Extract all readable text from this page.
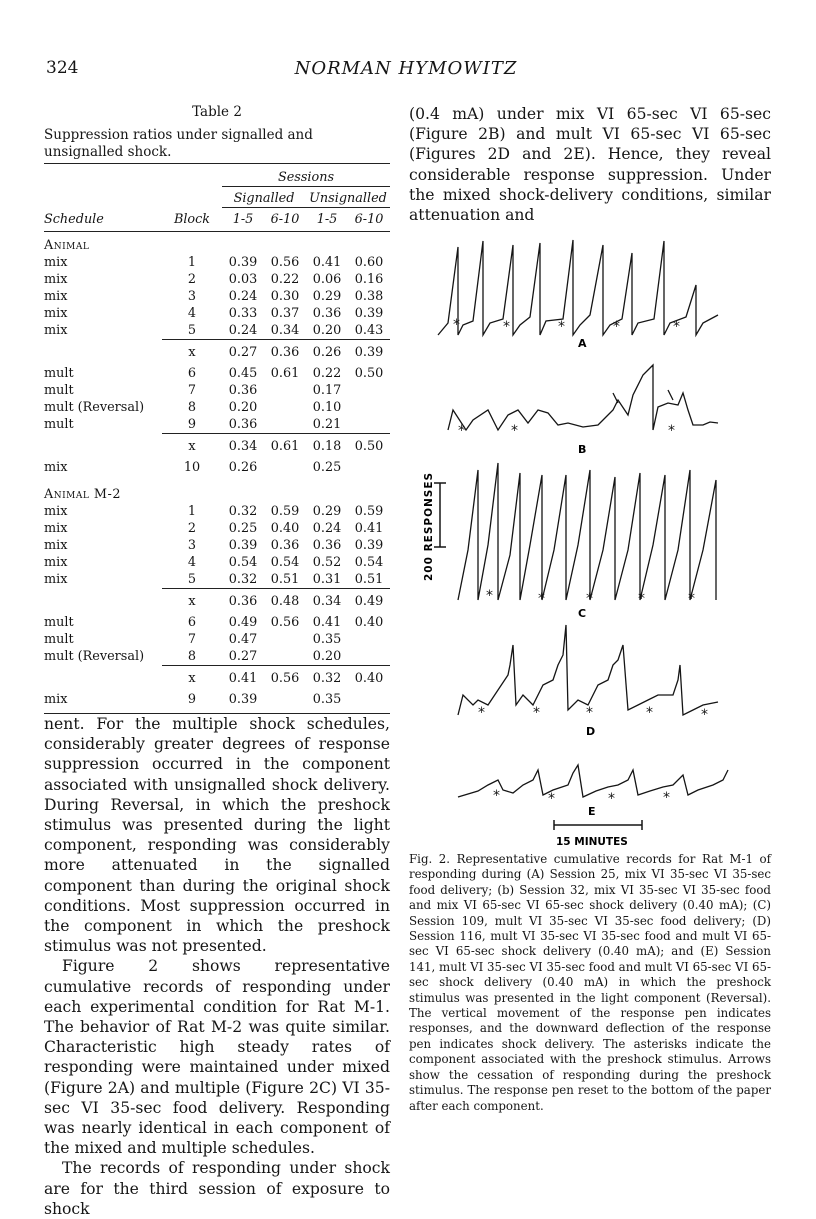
324	NORMAN HYMOWITZ
Table 2
Suppression ratios under signalled and unsignalled shock.
		Sessions			
		Signalled		Unsignalled	
Schedule	Block	1-5	6-10	1-5	6-10
Animal					
mix	1	0.39	0.56	0.41	0.60
mix	2	0.03	0.22	0.06	0.16
mix	3	0.24	0.30	0.29	0.38
mix	4	0.33	0.37	0.36	0.39
mix	5	0.24	0.34	0.20	0.43
	x	0.27	0.36	0.26	0.39
mult	6	0.45	0.61	0.22	0.50
mult	7	0.36		0.17	
mult (Reversal)	8	0.20		0.10	
mult	9	0.36		0.21	
	x	0.34	0.61	0.18	0.50
mix	10	0.26		0.25	
Animal M-2					
mix	1	0.32	0.59	0.29	0.59
mix	2	0.25	0.40	0.24	0.41
mix	3	0.39	0.36	0.36	0.39
mix	4	0.54	0.54	0.52	0.54
mix	5	0.32	0.51	0.31	0.51
	x	0.36	0.48	0.34	0.49
mult	6	0.49	0.56	0.41	0.40
mult	7	0.47		0.35	
mult (Reversal)	8	0.27		0.20	
	x	0.41	0.56	0.32	0.40
mix	9	0.39		0.35	

(0.4 mA) under mix VI 65-sec VI 65-sec (Figure 2B) and mult VI 65-sec VI 65-sec (Figures 2D and 2E). Hence, they reveal considerable response suppression. Under the mixed shock-delivery conditions, similar attenuation and

*	*	*	*	*
A
*	*	*
B
200 RESPONSES
*	*	*	*	*
C
*	*	*	*	*
D
*	*	*	*
E
15 MINUTES
Fig. 2. Representative cumulative records for Rat M-1 of responding during (A) Session 25, mix VI 35-sec VI 35-sec food delivery; (b) Session 32, mix VI 35-sec VI 35-sec food and mix VI 65-sec VI 65-sec shock delivery (0.40 mA); (C) Session 109, mult VI 35-sec VI 35-sec food delivery; (D) Session 116, mult VI 35-sec VI 35-sec food and mult VI 65-sec VI 65-sec shock delivery (0.40 mA); and (E) Session 141, mult VI 35-sec VI 35-sec food and mult VI 65-sec VI 65-sec shock delivery (0.40 mA) in which the preshock stimulus was presented in the light component (Reversal). The vertical movement of the response pen indicates responses, and the downward deflection of the response pen indicates shock delivery. The asterisks indicate the component associated with the preshock stimulus. Arrows show the cessation of responding during the preshock stimulus. The response pen reset to the bottom of the paper after each component.

nent. For the multiple shock schedules, considerably greater degrees of response suppression occurred in the component associated with unsignalled shock delivery. During Reversal, in which the preshock stimulus was presented during the light component, responding was considerably more attenuated in the signalled component than during the original shock conditions. Most suppression occurred in the component in which the preshock stimulus was not presented.

Figure 2 shows representative cumulative records of responding under each experimental condition for Rat M-1. The behavior of Rat M-2 was quite similar. Characteristic high steady rates of responding were maintained under mixed (Figure 2A) and multiple (Figure 2C) VI 35-sec VI 35-sec food delivery. Responding was nearly identical in each component of the mixed and multiple schedules.

The records of responding under shock are for the third session of exposure to shock
